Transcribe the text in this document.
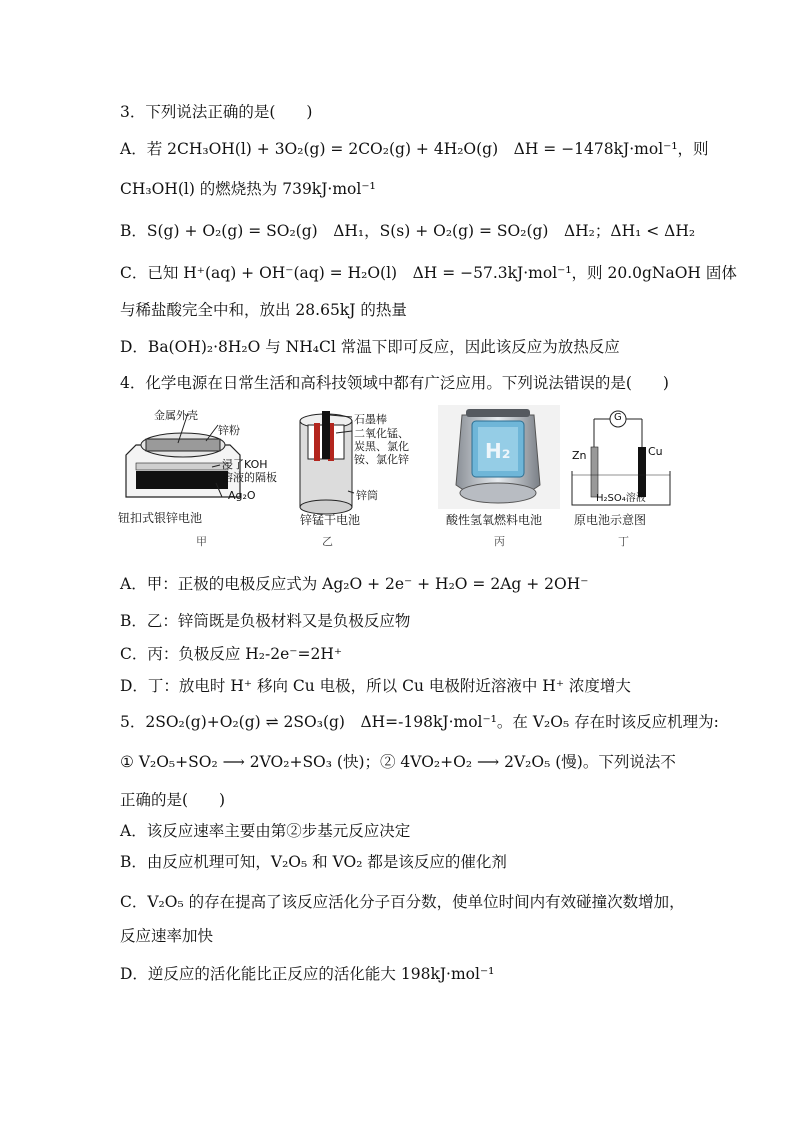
3．下列说法正确的是(　　)
A．若 2CH₃OH(l) + 3O₂(g) = 2CO₂(g) + 4H₂O(g)　ΔH = −1478kJ·mol⁻¹，则
CH₃OH(l) 的燃烧热为 739kJ·mol⁻¹
B．S(g) + O₂(g) = SO₂(g)　ΔH₁，S(s) + O₂(g) = SO₂(g)　ΔH₂；ΔH₁ < ΔH₂
C．已知 H⁺(aq) + OH⁻(aq) = H₂O(l)　ΔH = −57.3kJ·mol⁻¹，则 20.0gNaOH 固体
与稀盐酸完全中和，放出 28.65kJ 的热量
D．Ba(OH)₂·8H₂O 与 NH₄Cl 常温下即可反应，因此该反应为放热反应
4．化学电源在日常生活和高科技领域中都有广泛应用。下列说法错误的是(　　)
金属外壳
锌粉
浸了KOH
溶液的隔板
Ag₂O
钮扣式银锌电池
甲
石墨棒
二氧化锰、
炭黑、氯化
铵、氯化锌
锌筒
锌锰干电池
乙
H₂
酸性氢氧燃料电池
丙
G
Zn	Cu
H₂SO₄溶液
原电池示意图
丁
A．甲：正极的电极反应式为 Ag₂O + 2e⁻ + H₂O = 2Ag + 2OH⁻
B．乙：锌筒既是负极材料又是负极反应物
C．丙：负极反应 H₂-2e⁻=2H⁺
D．丁：放电时 H⁺ 移向 Cu 电极，所以 Cu 电极附近溶液中 H⁺ 浓度增大
5．2SO₂(g)+O₂(g) ⇌ 2SO₃(g)　ΔH=-198kJ·mol⁻¹。在 V₂O₅ 存在时该反应机理为:
① V₂O₅+SO₂ ⟶ 2VO₂+SO₃ (快)；② 4VO₂+O₂ ⟶ 2V₂O₅ (慢)。下列说法不
正确的是(　　)
A．该反应速率主要由第②步基元反应决定
B．由反应机理可知，V₂O₅ 和 VO₂ 都是该反应的催化剂
C．V₂O₅ 的存在提高了该反应活化分子百分数，使单位时间内有效碰撞次数增加，
反应速率加快
D．逆反应的活化能比正反应的活化能大 198kJ·mol⁻¹
